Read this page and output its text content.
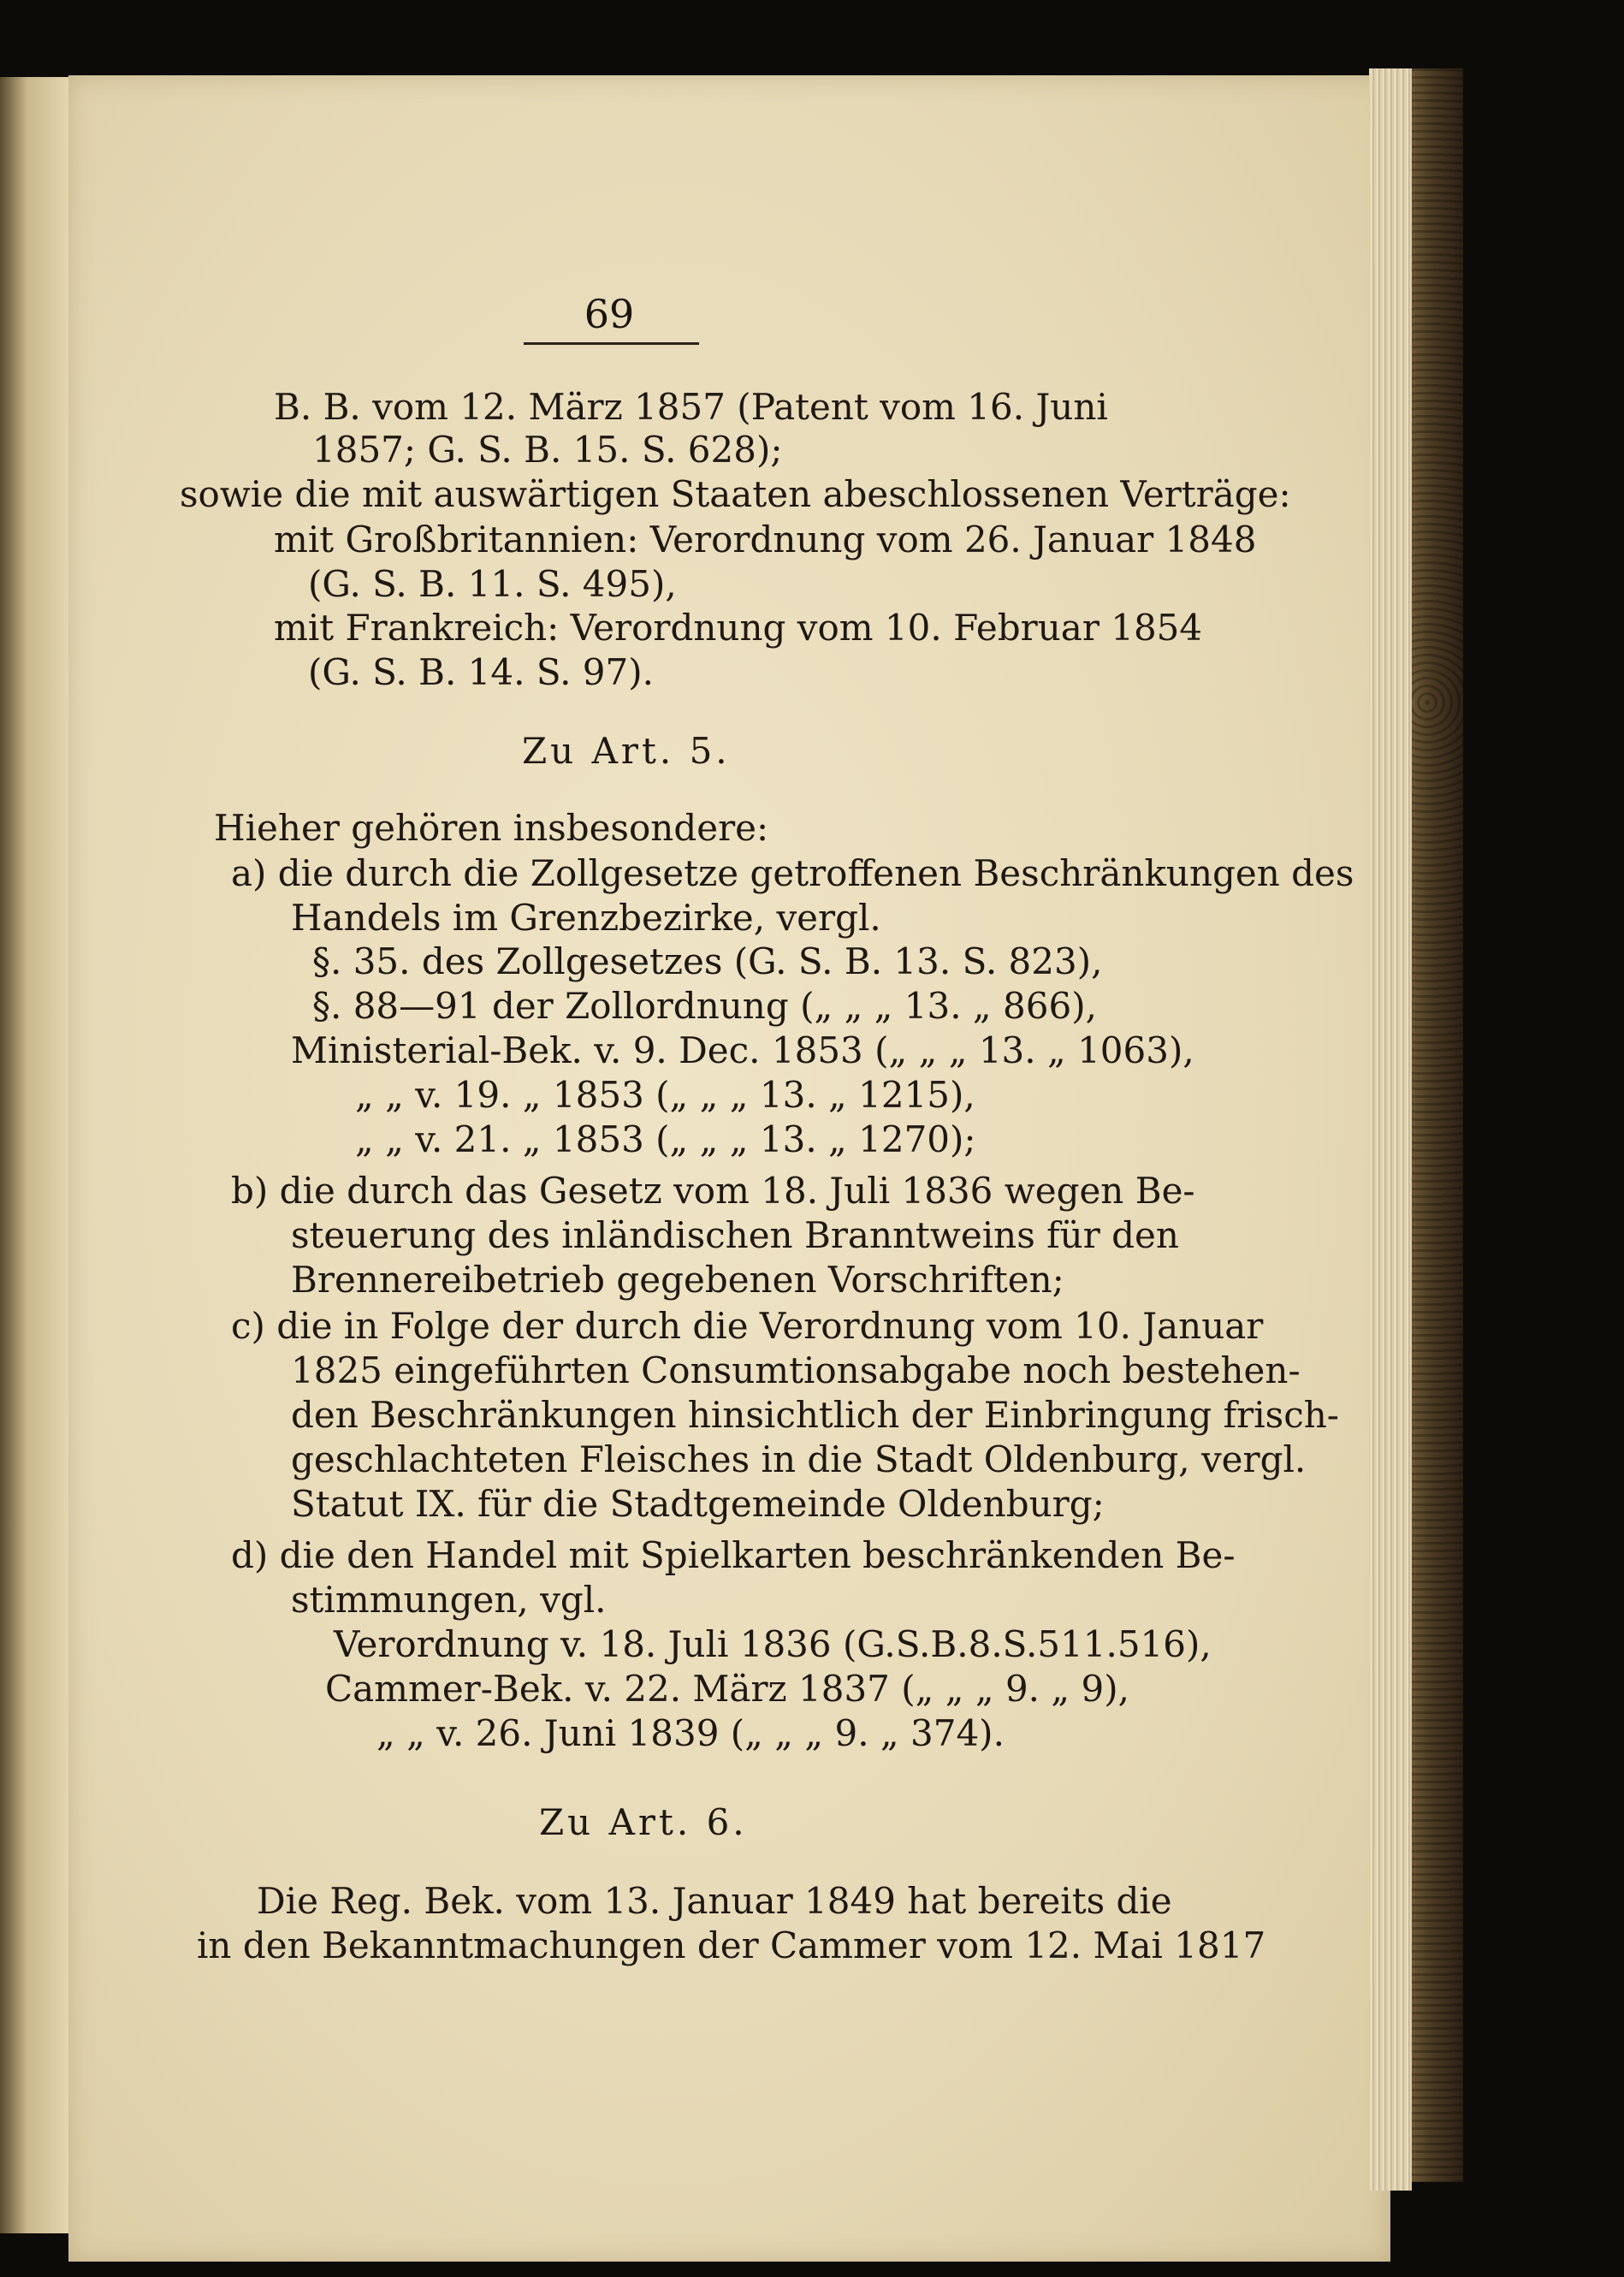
69
B. B. vom 12. März 1857 (Patent vom 16. Juni
1857; G. S. B. 15. S. 628);
sowie die mit auswärtigen Staaten abeschlossenen Verträge:
mit Großbritannien: Verordnung vom 26. Januar 1848
(G. S. B. 11. S. 495),
mit Frankreich: Verordnung vom 10. Februar 1854
(G. S. B. 14. S. 97).
Zu Art. 5.
Hieher gehören insbesondere:
a) die durch die Zollgesetze getroffenen Beschränkungen des
Handels im Grenzbezirke, vergl.
§. 35. des Zollgesetzes (G. S. B. 13. S. 823),
§. 88—91 der Zollordnung („ „ „ 13. „ 866),
Ministerial-Bek. v. 9. Dec. 1853 („ „ „ 13. „ 1063),
„ „ v. 19. „ 1853 („ „ „ 13. „ 1215),
„ „ v. 21. „ 1853 („ „ „ 13. „ 1270);
b) die durch das Gesetz vom 18. Juli 1836 wegen Be-
steuerung des inländischen Branntweins für den
Brennereibetrieb gegebenen Vorschriften;
c) die in Folge der durch die Verordnung vom 10. Januar
1825 eingeführten Consumtionsabgabe noch bestehen-
den Beschränkungen hinsichtlich der Einbringung frisch-
geschlachteten Fleisches in die Stadt Oldenburg, vergl.
Statut IX. für die Stadtgemeinde Oldenburg;
d) die den Handel mit Spielkarten beschränkenden Be-
stimmungen, vgl.
Verordnung v. 18. Juli 1836 (G.S.B.8.S.511.516),
Cammer-Bek. v. 22. März 1837 („ „ „ 9. „ 9),
„ „ v. 26. Juni 1839 („ „ „ 9. „ 374).
Zu Art. 6.
Die Reg. Bek. vom 13. Januar 1849 hat bereits die
in den Bekanntmachungen der Cammer vom 12. Mai 1817
